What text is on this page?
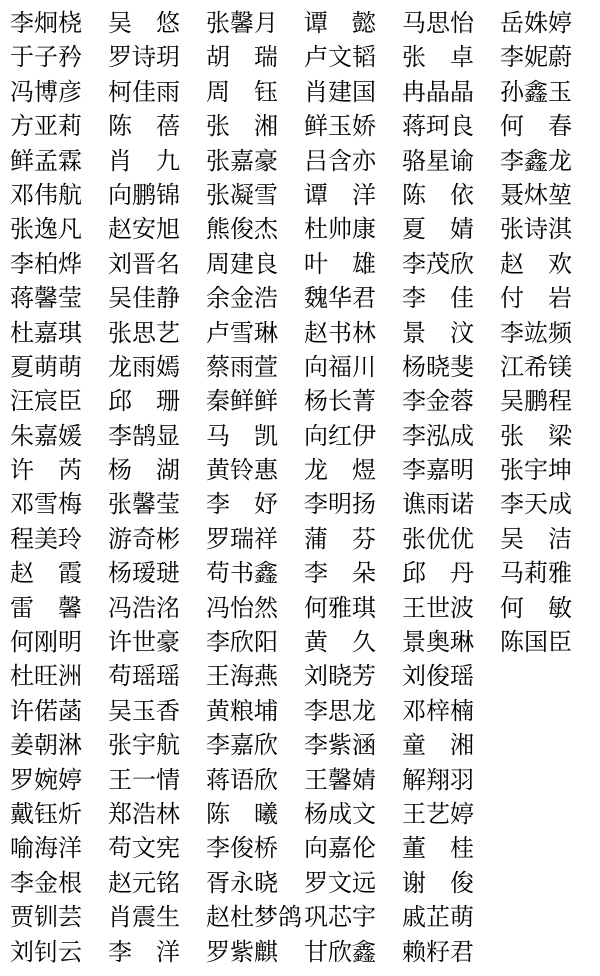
李炯桡	吴　悠	张馨月	谭　懿	马思怡	岳姝婷
于子矜	罗诗玥	胡　瑞	卢文韬	张　卓	李妮蔚
冯博彦	柯佳雨	周　钰	肖建国	冉晶晶	孙鑫玉
方亚莉	陈　蓓	张　湘	鲜玉娇	蒋珂良	何　春
鲜孟霖	肖　九	张嘉豪	吕含亦	骆星谕	李鑫龙
邓伟航	向鹏锦	张凝雪	谭　洋	陈　依	聂炑堃
张逸凡	赵安旭	熊俊杰	杜帅康	夏　婧	张诗淇
李柏烨	刘晋名	周建良	叶　雄	李茂欣	赵　欢
蒋馨莹	吴佳静	余金浩	魏华君	李　佳	付　岩
杜嘉琪	张思艺	卢雪琳	赵书林	景　汶	李竑频
夏萌萌	龙雨嫣	蔡雨萱	向福川	杨晓斐	江希镁
汪宸臣	邱　珊	秦鲜鲜	杨长菁	李金蓉	吴鹏程
朱嘉媛	李鹄显	马　凯	向红伊	李泓成	张　梁
许　芮	杨　湖	黄铃惠	龙　煜	李嘉明	张宇坤
邓雪梅	张馨莹	李　妤	李明扬	谯雨诺	李天成
程美玲	游奇彬	罗瑞祥	蒲　芬	张优优	吴　洁
赵　霞	杨瑷琎	苟书鑫	李　朵	邱　丹	马莉雅
雷　馨	冯浩洺	冯怡然	何雅琪	王世波	何　敏
何刚明	许世豪	李欣阳	黄　久	景奥琳	陈国臣
杜旺洲	苟瑶瑶	王海燕	刘晓芳	刘俊瑶
许偌菡	吴玉香	黄粮埔	李思龙	邓梓楠
姜朝淋	张宇航	李嘉欣	李紫涵	童　湘
罗婉婷	王一情	蒋语欣	王馨婧	解翔羽
戴钰炘	郑浩林	陈　曦	杨成文	王艺婷
喻海洋	苟文宪	李俊桥	向嘉伦	董　桂
李金根	赵元铭	胥永晓	罗文远	谢　俊
贾钏芸	肖震生	赵杜梦鸽 巩芯宇	戚芷萌
刘钊云	李　洋	罗紫麒	甘欣鑫	赖籽君
